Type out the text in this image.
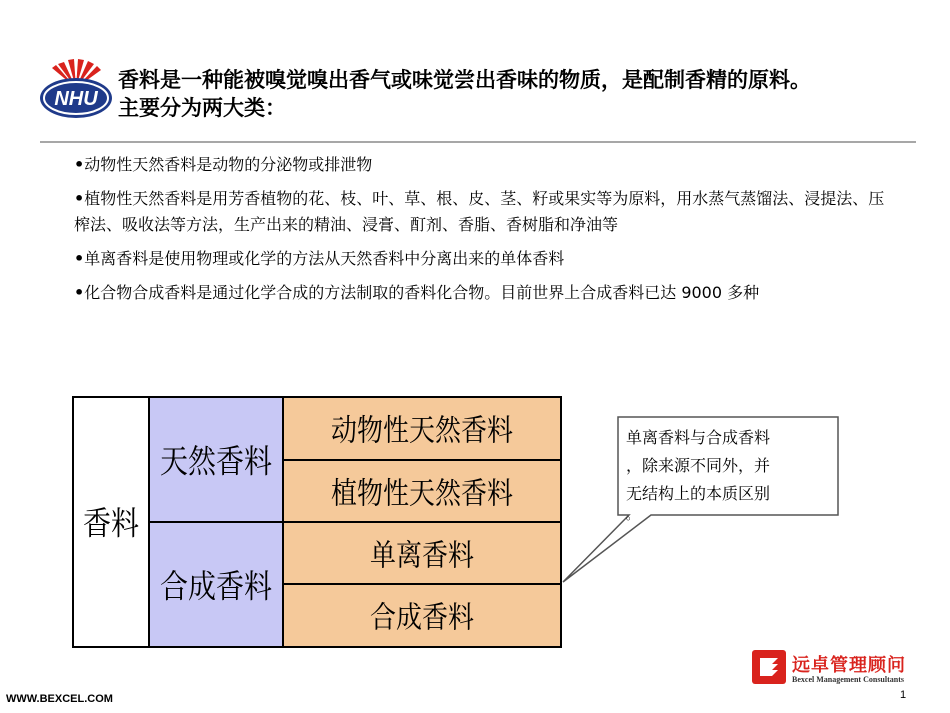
NHU
香料是一种能被嗅觉嗅出香气或味觉尝出香味的物质，是配制香精的原料。
主要分为两大类：
•动物性天然香料是动物的分泌物或排泄物
•植物性天然香料是用芳香植物的花、枝、叶、草、根、皮、茎、籽或果实等为原料，用水蒸气蒸馏法、浸提法、压榨法、吸收法等方法，生产出来的精油、浸膏、酊剂、香脂、香树脂和净油等
•单离香料是使用物理或化学的方法从天然香料中分离出来的单体香料
•化合物合成香料是通过化学合成的方法制取的香料化合物。目前世界上合成香料已达 9000 多种
香料
天然香料
合成香料
动物性天然香料
植物性天然香料
单离香料
合成香料
单离香料与合成香料
，除来源不同外，并
无结构上的本质区别
。
远卓管理顾问
Bexcel Management Consultants
WWW.BEXCEL.COM	1
